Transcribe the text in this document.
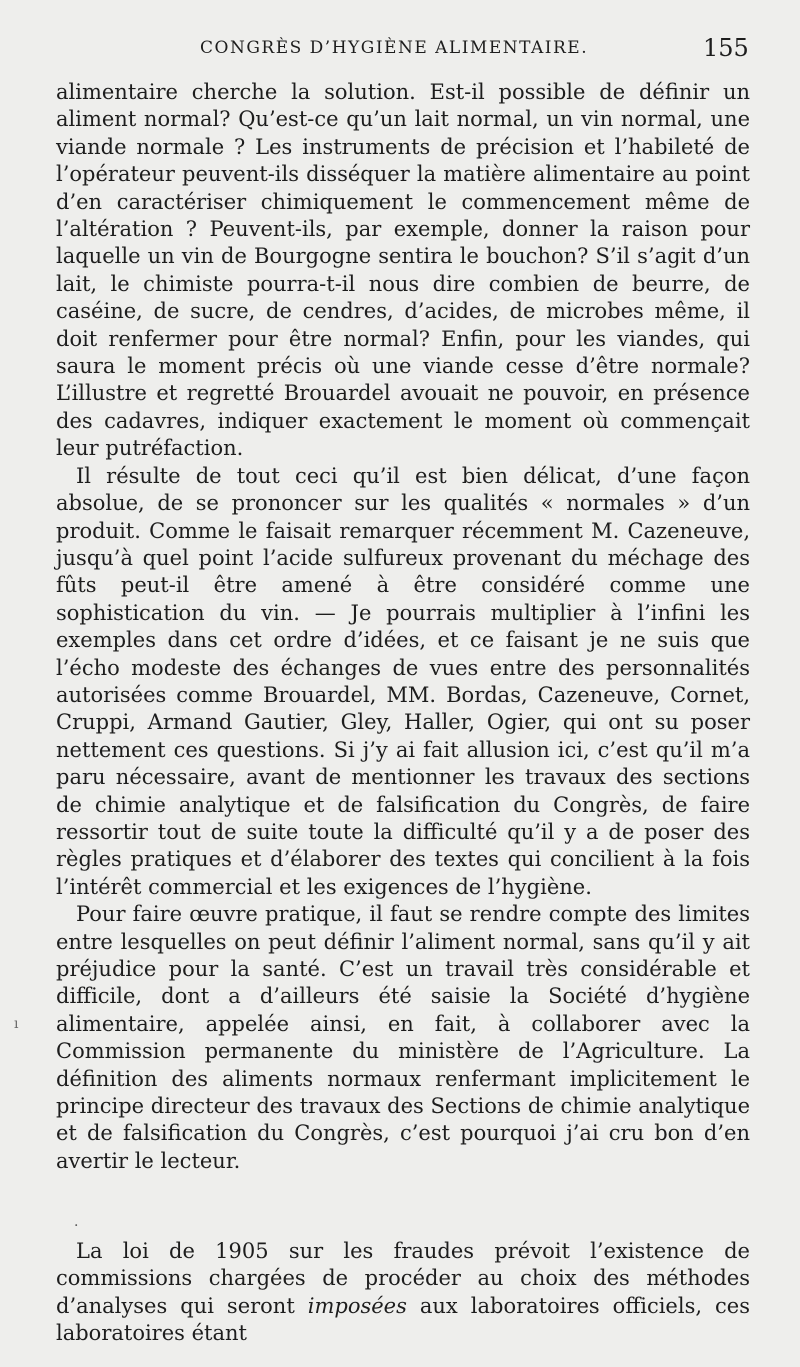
CONGRÈS D’HYGIÈNE ALIMENTAIRE.	155

alimentaire cherche la solution. Est-il possible de définir un aliment normal? Qu’est-ce qu’un lait normal, un vin normal, une viande normale ? Les instruments de précision et l’habileté de l’opérateur peuvent-ils disséquer la matière alimentaire au point d’en caractériser chimiquement le commencement même de l’altération ? Peuvent-ils, par exemple, donner la raison pour laquelle un vin de Bourgogne sentira le bouchon? S’il s’agit d’un lait, le chimiste pourra-t-il nous dire combien de beurre, de caséine, de sucre, de cendres, d’acides, de microbes même, il doit renfermer pour être normal? Enfin, pour les viandes, qui saura le moment précis où une viande cesse d’être normale? L’illustre et regretté Brouardel avouait ne pouvoir, en présence des cadavres, indiquer exactement le moment où commençait leur putréfaction.

Il résulte de tout ceci qu’il est bien délicat, d’une façon absolue, de se prononcer sur les qualités « normales » d’un produit. Comme le faisait remarquer récemment M. Cazeneuve, jusqu’à quel point l’acide sulfureux provenant du méchage des fûts peut-il être amené à être considéré comme une sophistication du vin. — Je pourrais multiplier à l’infini les exemples dans cet ordre d’idées, et ce faisant je ne suis que l’écho modeste des échanges de vues entre des personnalités autorisées comme Brouardel, MM. Bordas, Cazeneuve, Cornet, Cruppi, Armand Gautier, Gley, Haller, Ogier, qui ont su poser nettement ces questions. Si j’y ai fait allusion ici, c’est qu’il m’a paru nécessaire, avant de mentionner les travaux des sections de chimie analytique et de falsification du Congrès, de faire ressortir tout de suite toute la difficulté qu’il y a de poser des règles pratiques et d’élaborer des textes qui concilient à la fois l’intérêt commercial et les exigences de l’hygiène.

Pour faire œuvre pratique, il faut se rendre compte des limites entre lesquelles on peut définir l’aliment normal, sans qu’il y ait préjudice pour la santé. C’est un travail très considérable et difficile, dont a d’ailleurs été saisie la Société d’hygiène alimentaire, appelée ainsi, en fait, à collaborer avec la Commission permanente du ministère de l’Agriculture. La définition des aliments normaux renfermant implicitement le principe directeur des travaux des Sections de chimie analytique et de falsification du Congrès, c’est pourquoi j’ai cru bon d’en avertir le lecteur.

ı
·

La loi de 1905 sur les fraudes prévoit l’existence de commissions chargées de procéder au choix des méthodes d’analyses qui seront imposées aux laboratoires officiels, ces laboratoires étant
